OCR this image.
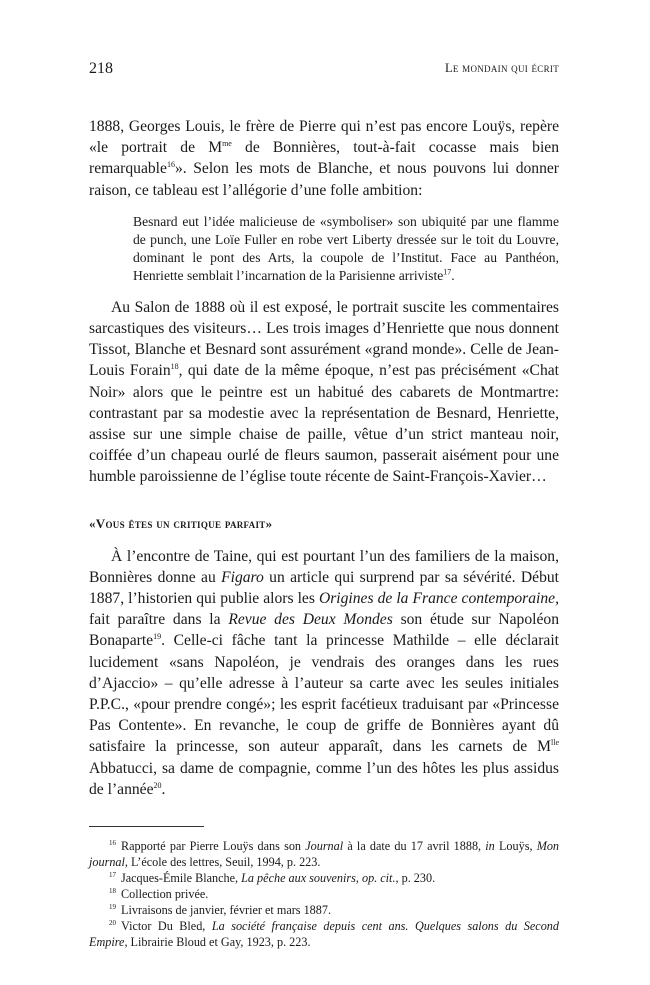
218	Le mondain qui écrit

1888, Georges Louis, le frère de Pierre qui n’est pas encore Louÿs, repère «le portrait de $M^{me}$ de Bonnières, tout-à-fait cocasse mais bien remarquable$^{16}$». Selon les mots de Blanche, et nous pouvons lui donner raison, ce tableau est l’allégorie d’une folle ambition:

Besnard eut l’idée malicieuse de «symboliser» son ubiquité par une flamme de punch, une Loïe Fuller en robe vert Liberty dressée sur le toit du Louvre, dominant le pont des Arts, la coupole de l’Institut. Face au Panthéon, Henriette semblait l’incarnation de la Parisienne arriviste$^{17}$.

Au Salon de 1888 où il est exposé, le portrait suscite les commentaires sarcastiques des visiteurs… Les trois images d’Henriette que nous donnent Tissot, Blanche et Besnard sont assurément «grand monde». Celle de Jean-Louis Forain$^{18}$, qui date de la même époque, n’est pas précisément «Chat Noir» alors que le peintre est un habitué des cabarets de Montmartre: contrastant par sa modestie avec la représentation de Besnard, Henriette, assise sur une simple chaise de paille, vêtue d’un strict manteau noir, coiffée d’un chapeau ourlé de fleurs saumon, passerait aisément pour une humble paroissienne de l’église toute récente de Saint-François-Xavier…

«Vous êtes un critique parfait»

À l’encontre de Taine, qui est pourtant l’un des familiers de la maison, Bonnières donne au Figaro un article qui surprend par sa sévérité. Début 1887, l’historien qui publie alors les Origines de la France contemporaine, fait paraître dans la Revue des Deux Mondes son étude sur Napoléon Bonaparte$^{19}$. Celle-ci fâche tant la princesse Mathilde – elle déclarait lucidement «sans Napoléon, je vendrais des oranges dans les rues d’Ajaccio» – qu’elle adresse à l’auteur sa carte avec les seules initiales P.P.C., «pour prendre congé»; les esprit facétieux traduisant par «Princesse Pas Contente». En revanche, le coup de griffe de Bonnières ayant dû satisfaire la princesse, son auteur apparaît, dans les carnets de $M^{lle}$ Abbatucci, sa dame de compagnie, comme l’un des hôtes les plus assidus de l’année$^{20}$.

$^{16}$ Rapporté par Pierre Louÿs dans son Journal à la date du 17 avril 1888, in Louÿs, Mon journal, L’école des lettres, Seuil, 1994, p. 223.

$^{17}$ Jacques-Émile Blanche, La pêche aux souvenirs, op. cit., p. 230.

$^{18}$ Collection privée.

$^{19}$ Livraisons de janvier, février et mars 1887.

$^{20}$ Victor Du Bled, La société française depuis cent ans. Quelques salons du Second Empire, Librairie Bloud et Gay, 1923, p. 223.
